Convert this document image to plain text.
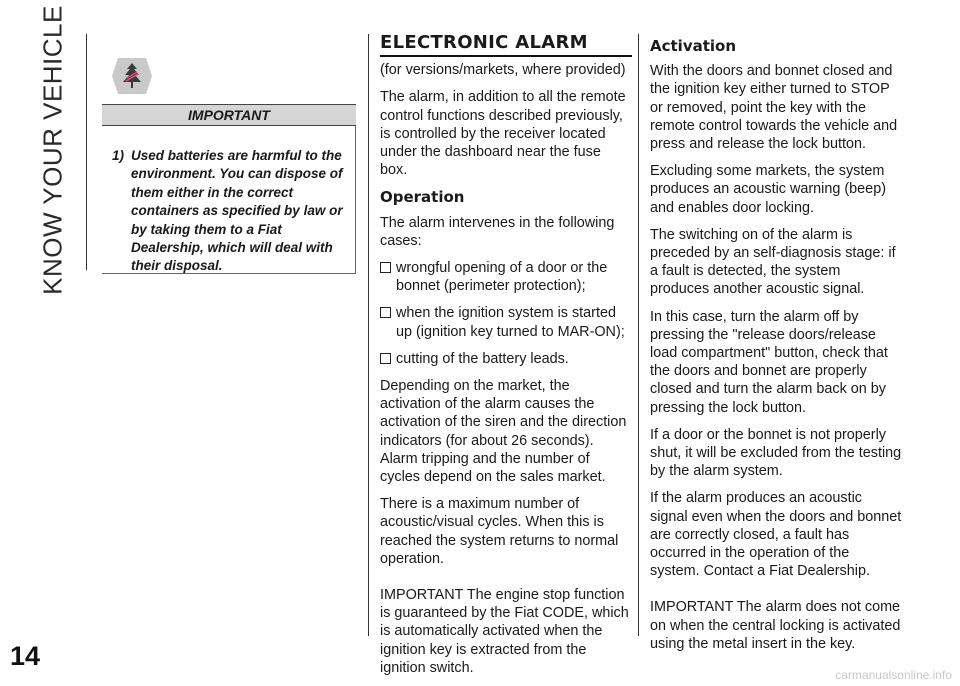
KNOW YOUR VEHICLE
14
IMPORTANT
1) Used batteries are harmful to the environment. You can dispose of them either in the correct containers as specified by law or by taking them to a Fiat Dealership, which will deal with their disposal.
ELECTRONIC ALARM

(for versions/markets, where provided)

The alarm, in addition to all the remote control functions described previously, is controlled by the receiver located under the dashboard near the fuse box.

Operation

The alarm intervenes in the following cases:

wrongful opening of a door or the bonnet (perimeter protection);
when the ignition system is started up (ignition key turned to MAR-ON);
cutting of the battery leads.

Depending on the market, the activation of the alarm causes the activation of the siren and the direction indicators (for about 26 seconds). Alarm tripping and the number of cycles depend on the sales market.

There is a maximum number of acoustic/visual cycles. When this is reached the system returns to normal operation.

IMPORTANT The engine stop function is guaranteed by the Fiat CODE, which is automatically activated when the ignition key is extracted from the ignition switch.

Activation

With the doors and bonnet closed and the ignition key either turned to STOP or removed, point the key with the remote control towards the vehicle and press and release the lock button.

Excluding some markets, the system produces an acoustic warning (beep) and enables door locking.

The switching on of the alarm is preceded by an self-diagnosis stage: if a fault is detected, the system produces another acoustic signal.

In this case, turn the alarm off by pressing the "release doors/release load compartment" button, check that the doors and bonnet are properly closed and turn the alarm back on by pressing the lock button.

If a door or the bonnet is not properly shut, it will be excluded from the testing by the alarm system.

If the alarm produces an acoustic signal even when the doors and bonnet are correctly closed, a fault has occurred in the operation of the system. Contact a Fiat Dealership.

IMPORTANT The alarm does not come on when the central locking is activated using the metal insert in the key.

carmanualsonline.info
